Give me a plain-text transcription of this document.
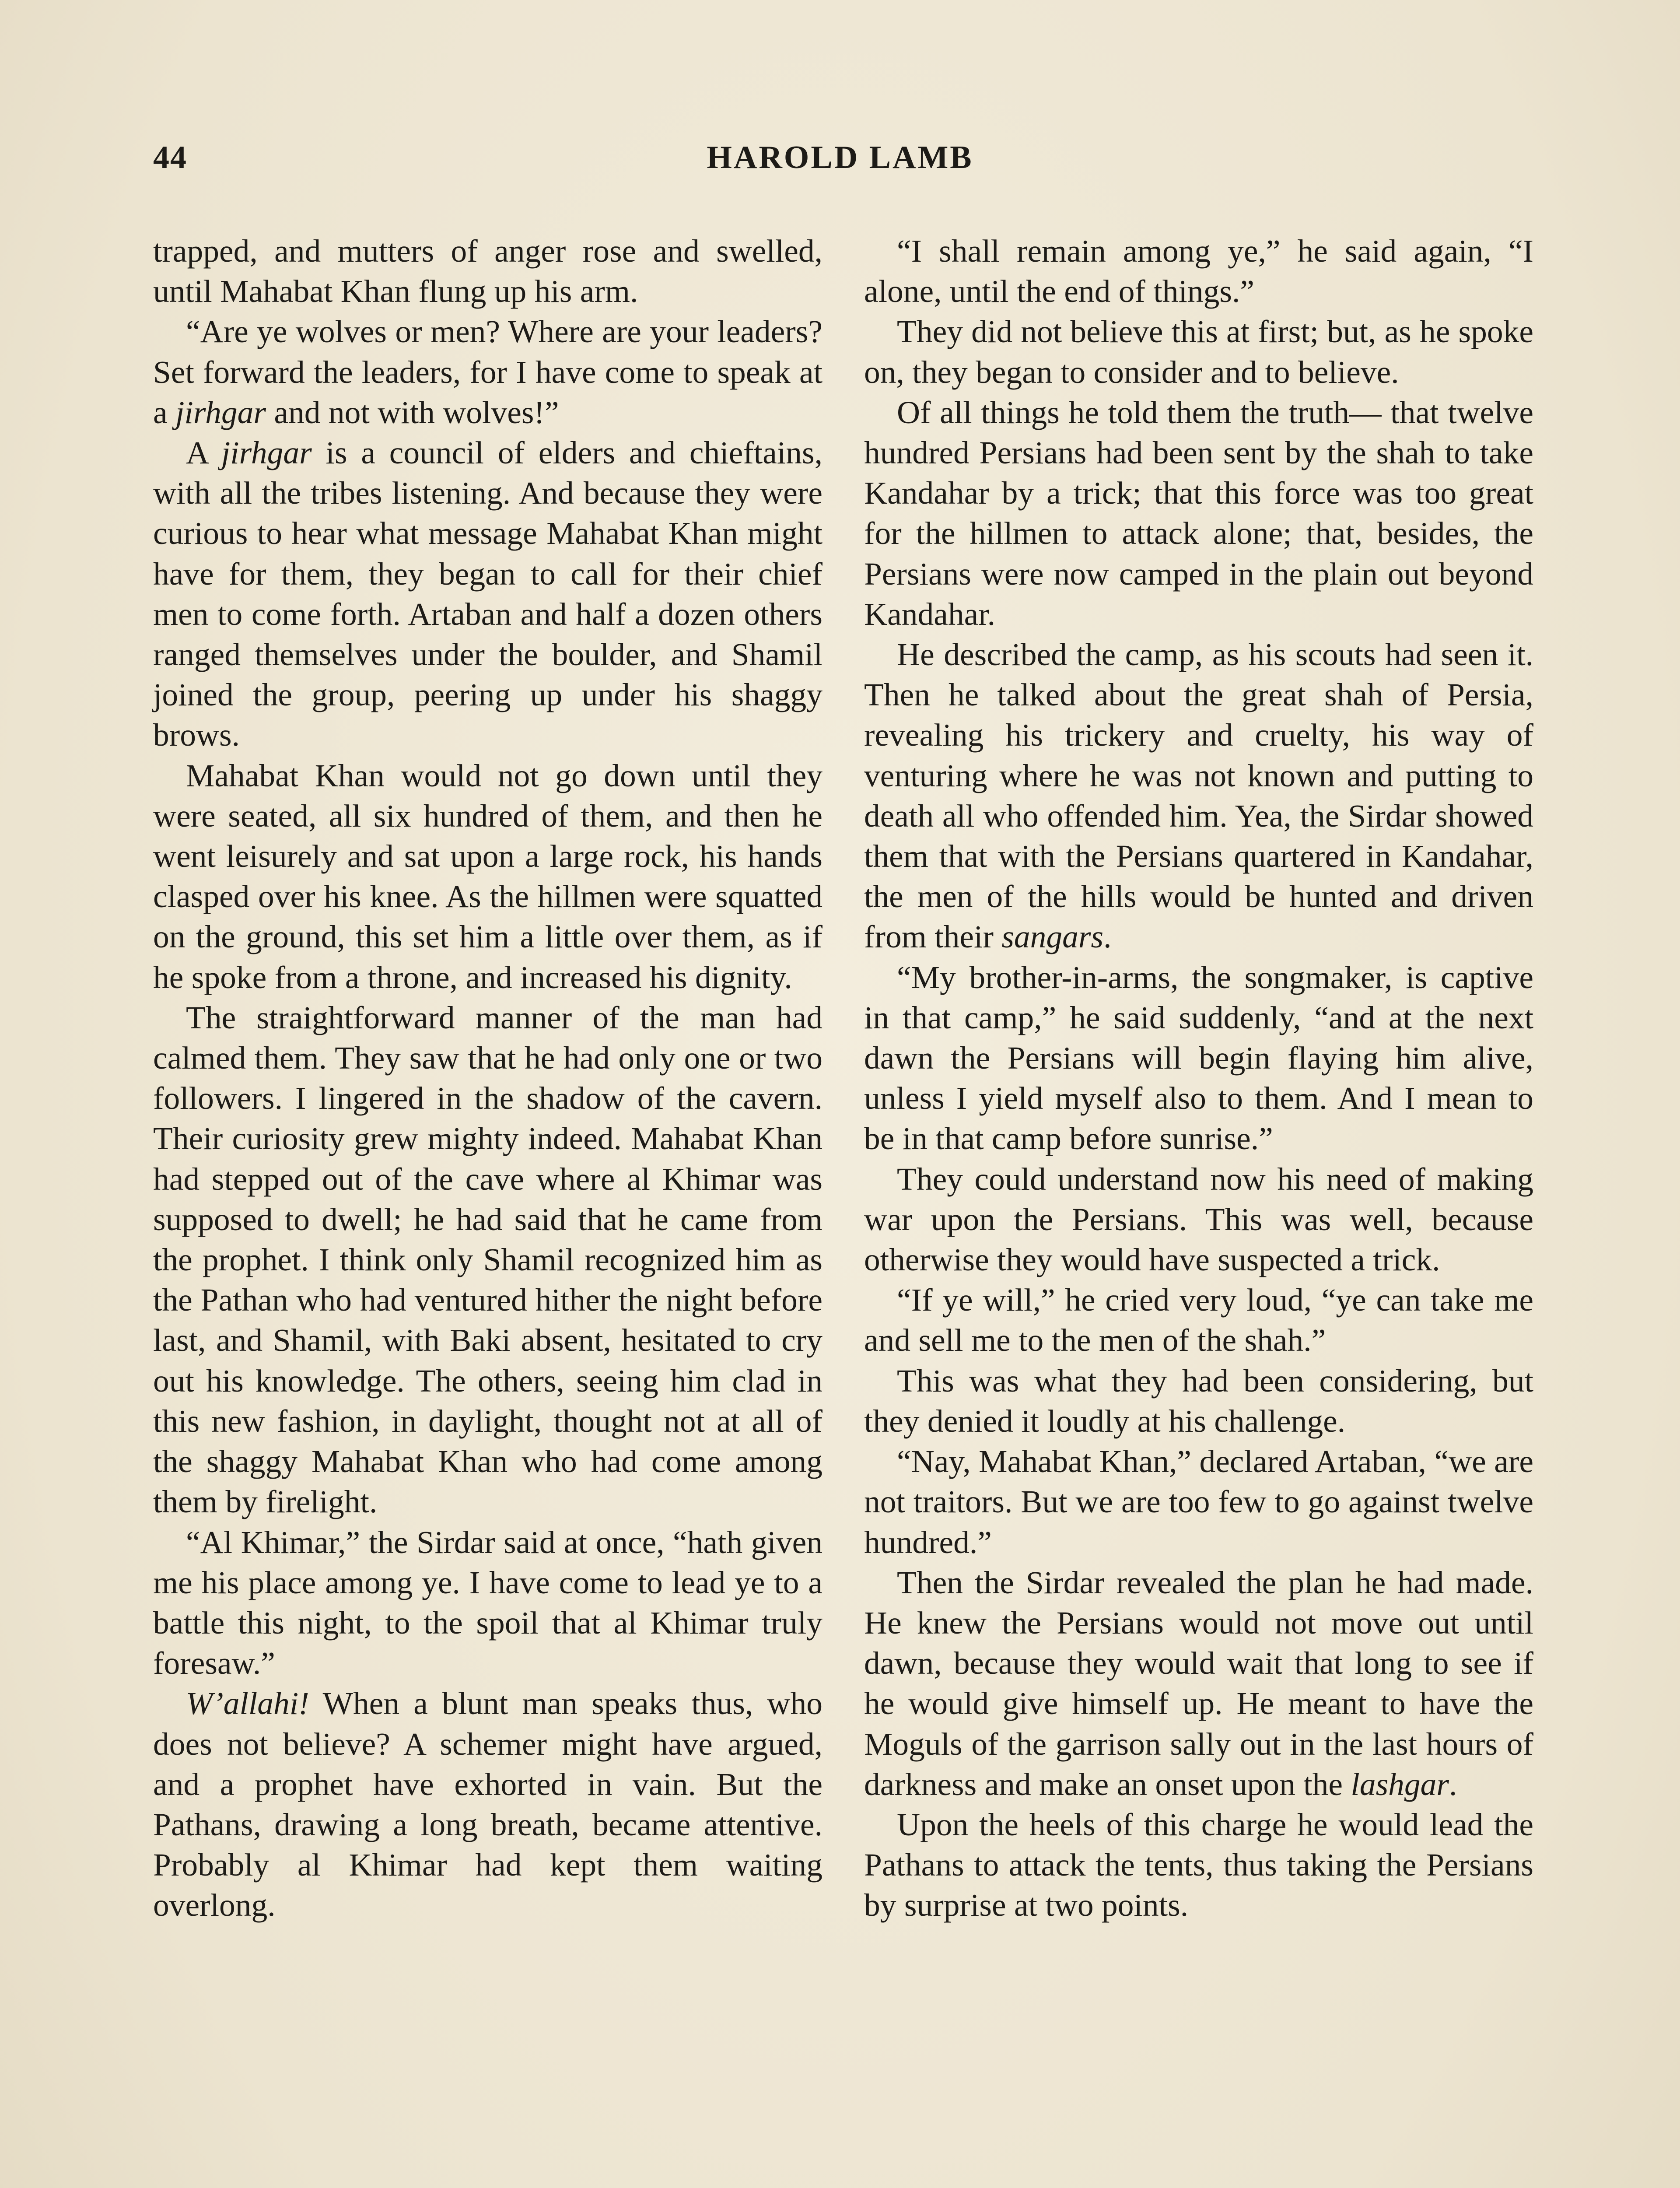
44	HAROLD LAMB

trapped, and mutters of anger rose and swelled, until Mahabat Khan flung up his arm.

“Are ye wolves or men? Where are your leaders? Set forward the leaders, for I have come to speak at a jirhgar and not with wolves!”

A jirhgar is a council of elders and chieftains, with all the tribes listening. And because they were curious to hear what message Mahabat Khan might have for them, they began to call for their chief men to come forth. Artaban and half a dozen others ranged themselves under the boulder, and Shamil joined the group, peering up under his shaggy brows.

Mahabat Khan would not go down until they were seated, all six hundred of them, and then he went leisurely and sat upon a large rock, his hands clasped over his knee. As the hillmen were squatted on the ground, this set him a little over them, as if he spoke from a throne, and increased his dignity.

The straightforward manner of the man had calmed them. They saw that he had only one or two followers. I lingered in the shadow of the cavern. Their curiosity grew mighty indeed. Mahabat Khan had stepped out of the cave where al Khimar was supposed to dwell; he had said that he came from the prophet. I think only Shamil recognized him as the Pathan who had ventured hither the night before last, and Shamil, with Baki absent, hesitated to cry out his knowledge. The others, seeing him clad in this new fashion, in daylight, thought not at all of the shaggy Mahabat Khan who had come among them by firelight.

“Al Khimar,” the Sirdar said at once, “hath given me his place among ye. I have come to lead ye to a battle this night, to the spoil that al Khimar truly foresaw.”

W’allahi! When a blunt man speaks thus, who does not believe? A schemer might have argued, and a prophet have exhorted in vain. But the Pathans, drawing a long breath, became attentive. Probably al Khimar had kept them waiting overlong.

“I shall remain among ye,” he said again, “I alone, until the end of things.”

They did not believe this at first; but, as he spoke on, they began to consider and to believe.

Of all things he told them the truth— that twelve hundred Persians had been sent by the shah to take Kandahar by a trick; that this force was too great for the hillmen to attack alone; that, besides, the Persians were now camped in the plain out beyond Kandahar.

He described the camp, as his scouts had seen it. Then he talked about the great shah of Persia, revealing his trickery and cruelty, his way of venturing where he was not known and putting to death all who offended him. Yea, the Sirdar showed them that with the Persians quartered in Kandahar, the men of the hills would be hunted and driven from their sangars.

“My brother-in-arms, the songmaker, is captive in that camp,” he said suddenly, “and at the next dawn the Persians will begin flaying him alive, unless I yield myself also to them. And I mean to be in that camp before sunrise.”

They could understand now his need of making war upon the Persians. This was well, because otherwise they would have suspected a trick.

“If ye will,” he cried very loud, “ye can take me and sell me to the men of the shah.”

This was what they had been considering, but they denied it loudly at his challenge.

“Nay, Mahabat Khan,” declared Artaban, “we are not traitors. But we are too few to go against twelve hundred.”

Then the Sirdar revealed the plan he had made. He knew the Persians would not move out until dawn, because they would wait that long to see if he would give himself up. He meant to have the Moguls of the garrison sally out in the last hours of darkness and make an onset upon the lashgar.

Upon the heels of this charge he would lead the Pathans to attack the tents, thus taking the Persians by surprise at two points.
